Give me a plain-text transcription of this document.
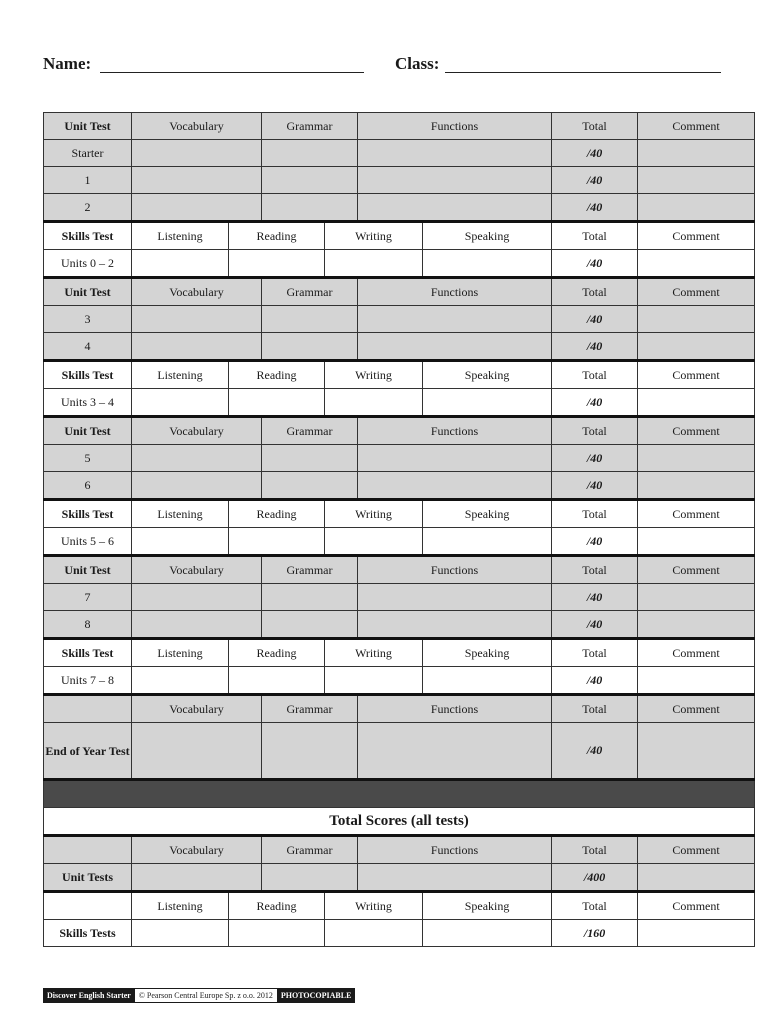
Name:	Class:
Unit Test	Vocabulary		Grammar		Functions		Total	Comment
Starter							/40	
1							/40	
2							/40	
Skills Test	Listening	Reading		Writing		Speaking	Total	Comment
Units 0 – 2							/40	
Unit Test	Vocabulary		Grammar		Functions		Total	Comment
3							/40	
4							/40	
Skills Test	Listening	Reading		Writing		Speaking	Total	Comment
Units 3 – 4							/40	
Unit Test	Vocabulary		Grammar		Functions		Total	Comment
5							/40	
6							/40	
Skills Test	Listening	Reading		Writing		Speaking	Total	Comment
Units 5 – 6							/40	
Unit Test	Vocabulary		Grammar		Functions		Total	Comment
7							/40	
8							/40	
Skills Test	Listening	Reading		Writing		Speaking	Total	Comment
Units 7 – 8							/40	
	Vocabulary		Grammar		Functions		Total	Comment
End of Year Test							/40	

Total Scores (all tests)								
	Vocabulary		Grammar		Functions		Total	Comment
Unit Tests							/400	
	Listening	Reading		Writing		Speaking	Total	Comment
Skills Tests							/160	
Discover English Starter	© Pearson Central Europe Sp. z o.o. 2012	PHOTOCOPIABLE
